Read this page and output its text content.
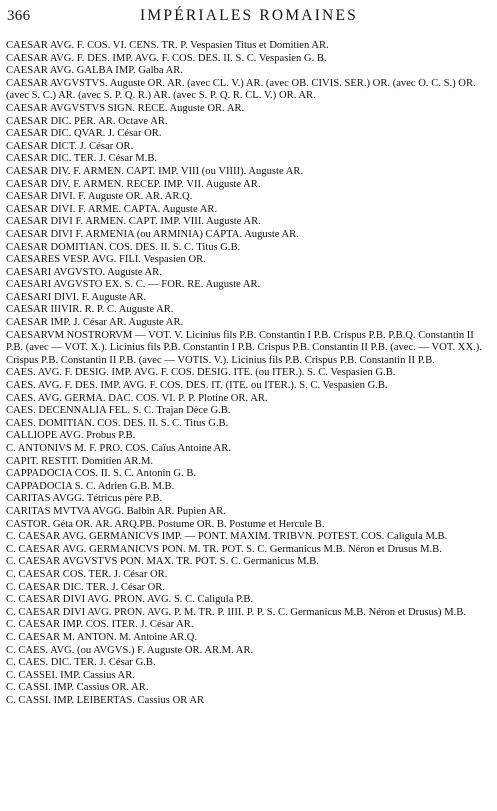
366	IMPÉRIALES ROMAINES
CAESAR AVG. F. COS. VI. CENS. TR. P. Vespasien Titus et Domitien AR.
CAESAR AVG. F. DES. IMP. AVG. F. COS. DES. II. S. C. Vespasien G. B.
CAESAR AVG. GALBA IMP. Galba AR.
CAESAR AVGVSTVS. Auguste OR. AR. (avec CL. V.) AR. (avec OB. CIVIS. SER.) OR. (avec O. C. S.) OR. (avec S. C.) AR. (avec S. P. Q. R.) AR. (avec S. P. Q. R. CL. V.) OR. AR.
CAESAR AVGVSTVS SIGN. RECE. Auguste OR. AR.
CAESAR DIC. PER. AR. Octave AR.
CAESAR DIC. QVAR. J. César OR.
CAESAR DICT. J. César OR.
CAESAR DIC. TER. J. César M.B.
CAESAR DIV. F. ARMEN. CAPT. IMP. VIII (ou VIIII). Auguste AR.
CAESAR DIV. F. ARMEN. RECEP. IMP. VII. Auguste AR.
CAESAR DIVI. F. Auguste OR. AR. AR.Q.
CAESAR DIVI. F. ARME. CAPTA. Auguste AR.
CAESAR DIVI F. ARMEN. CAPT. IMP. VIII. Auguste AR.
CAESAR DIVI F. ARMENIA (ou ARMINIA) CAPTA. Auguste AR.
CAESAR DOMITIAN. COS. DES. II. S. C. Titus G.B.
CAESARES VESP. AVG. FILI. Vespasien OR.
CAESARI AVGVSTO. Auguste AR.
CAESARI AVGVSTO EX. S. C. — FOR. RE. Auguste AR.
CAESARI DIVI. F. Auguste AR.
CAESAR IIIVIR. R. P. C. Auguste AR.
CAESAR IMP. J. César AR. Auguste AR.
CAESARVM NOSTRORVM — VOT. V. Licinius fils P.B. Constantin I P.B. Crispus P.B. P.B.Q. Constantin II P.B. (avec — VOT. X.). Licinius fils P.B. Constantin I P.B. Crispus P.B. Constantin II P.B. (avec. — VOT. XX.). Crispus P.B. Constantin II P.B. (avec — VOTIS. V.). Licinius fils P.B. Crispus P.B. Constantin II P.B.
CAES. AVG. F. DESIG. IMP. AVG. F. COS. DESIG. ITE. (ou ITER.). S. C. Vespasien G.B.
CAES. AVG. F. DES. IMP. AVG. F. COS. DES. IT. (ITE. ou ITER.). S. C. Vespasien G.B.
CAES. AVG. GERMA. DAC. COS. VI. P. P. Plotine OR. AR.
CAES. DECENNALIA FEL. S. C. Trajan Dèce G.B.
CAES. DOMITIAN. COS. DES. II. S. C. Titus G.B.
CALLIOPE AVG. Probus P.B.
C. ANTONIVS M. F. PRO. COS. Caïus Antoine AR.
CAPIT. RESTIT. Domitien AR.M.
CAPPADOCIA COS. II. S. C. Antonin G. B.
CAPPADOCIA S. C. Adrien G.B. M.B.
CARITAS AVGG. Tétricus père P.B.
CARITAS MVTVA AVGG. Balbin AR. Pupien AR.
CASTOR. Géta OR. AR. ARQ.PB. Postume OR. B. Postume et Hercule B.
C. CAESAR AVG. GERMANICVS IMP. — PONT. MAXIM. TRIBVN. POTEST. COS. Caligula M.B.
C. CAESAR AVG. GERMANICVS PON. M. TR. POT. S. C. Germanicus M.B. Néron et Drusus M.B.
C. CAESAR AVGVSTVS PON. MAX. TR. POT. S. C. Germanicus M.B.
C. CAESAR COS. TER. J. César OR.
C. CAESAR DIC. TER. J. César OR.
C. CAESAR DIVI AVG. PRON. AVG. S. C. Caligula P.B.
C. CAESAR DIVI AVG. PRON. AVG. P. M. TR. P. IIII. P. P. S. C. Germanicus M.B. Néron et Drusus) M.B.
C. CAESAR IMP. COS. ITER. J. César AR.
C. CAESAR M. ANTON. M. Antoine AR.Q.
C. CAES. AVG. (ou AVGVS.) F. Auguste OR. AR.M. AR.
C. CAES. DIC. TER. J. César G.B.
C. CASSEI. IMP. Cassius AR.
C. CASSI. IMP. Cassius OR. AR.
C. CASSI. IMP. LEIBERTAS. Cassius OR AR
